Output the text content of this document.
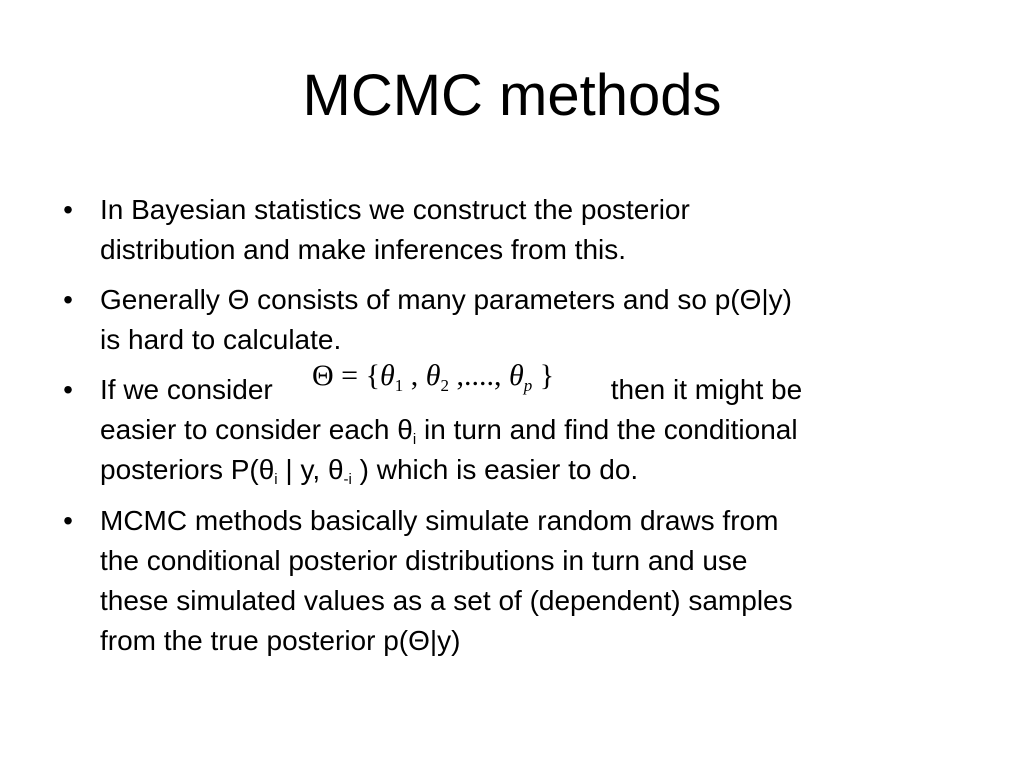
MCMC methods
• In Bayesian statistics we construct the posterior
distribution and make inferences from this.
• Generally Θ consists of many parameters and so p(Θ|y)
is hard to calculate.
• If we consider	then it might be
easier to consider each $\theta_i$ in turn and find the conditional
posteriors $P(\theta_i$ | y, $\theta_{-i}$ ) which is easier to do.
• MCMC methods basically simulate random draws from
the conditional posterior distributions in turn and use
these simulated values as a set of (dependent) samples
from the true posterior p(Θ|y)
$\Theta = \{\theta_1$ , $\theta_2$ ,...., $\theta_p$ }
